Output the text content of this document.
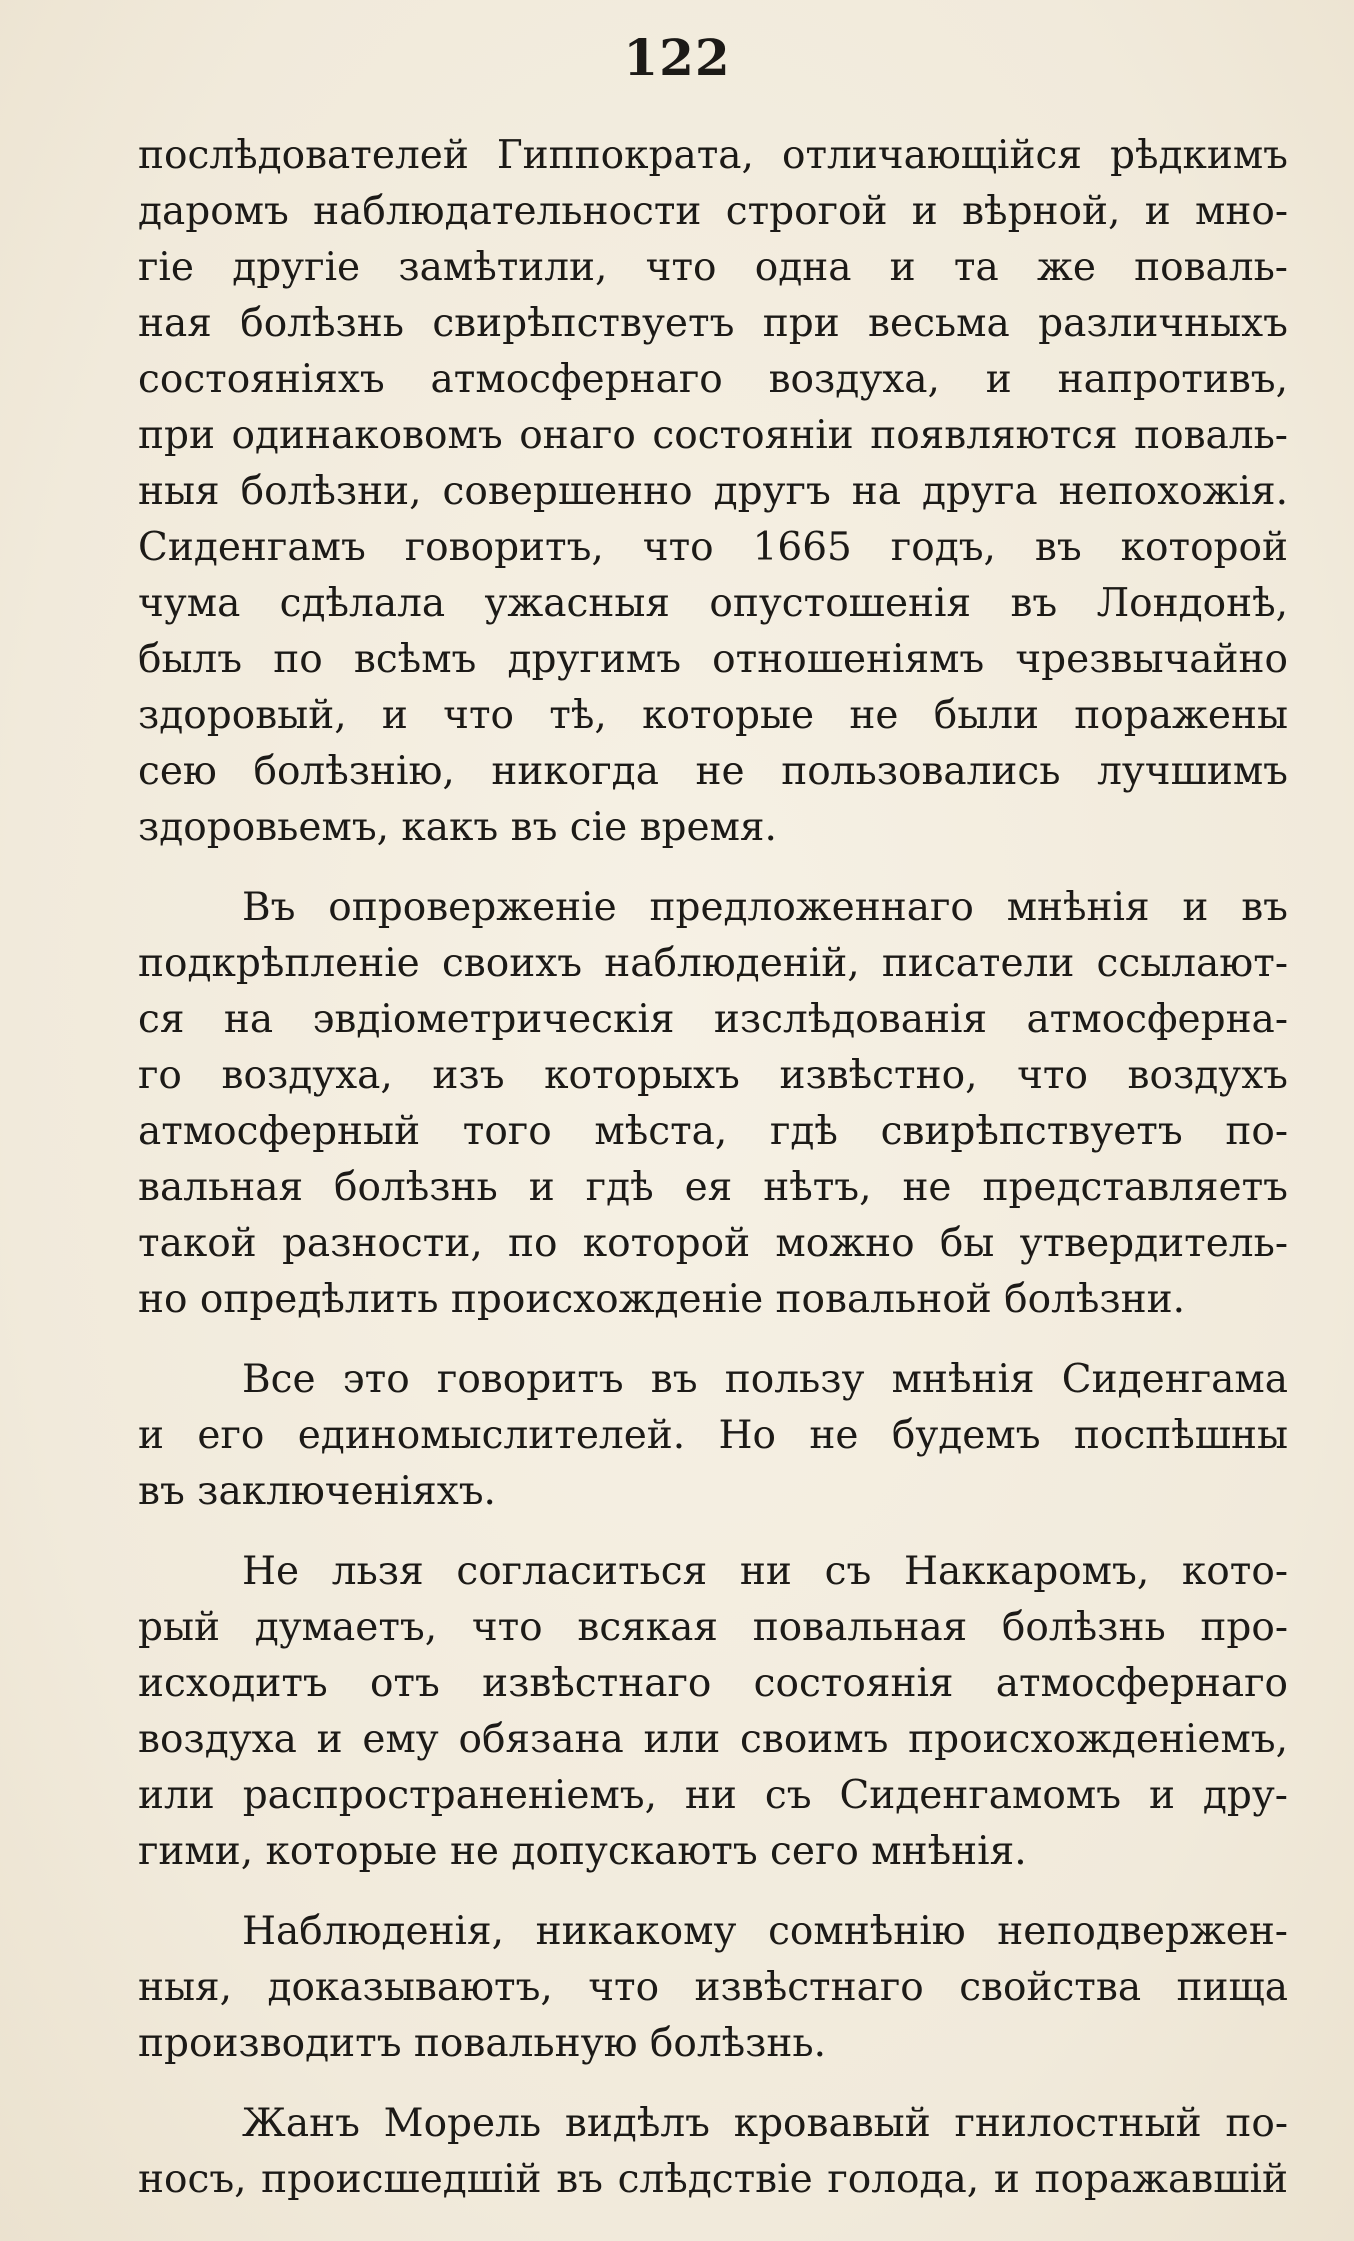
122
послѣдователей Гиппократа, отличающійся рѣдкимъ
даромъ наблюдательности строгой и вѣрной, и мно-
гіе другіе замѣтили, что одна и та же поваль-
ная болѣзнь свирѣпствуетъ при весьма различныхъ
состояніяхъ атмосфернаго воздуха, и напротивъ,
при одинаковомъ онаго состояніи появляются поваль-
ныя болѣзни, совершенно другъ на друга непохожія.
Сиденгамъ говоритъ, что 1665 годъ, въ которой
чума сдѣлала ужасныя опустошенія въ Лондонѣ,
былъ по всѣмъ другимъ отношеніямъ чрезвычайно
здоровый, и что тѣ, которые не были поражены
сею болѣзнію, никогда не пользовались лучшимъ
здоровьемъ, какъ въ сіе время.
Въ опроверженіе предложеннаго мнѣнія и въ
подкрѣпленіе своихъ наблюденій, писатели ссылают-
ся на эвдіометрическія изслѣдованія атмосферна-
го воздуха, изъ которыхъ извѣстно, что воздухъ
атмосферный того мѣста, гдѣ свирѣпствуетъ по-
вальная болѣзнь и гдѣ ея нѣтъ, не представляетъ
такой разности, по которой можно бы утвердитель-
но опредѣлить происхожденіе повальной болѣзни.
Все это говоритъ въ пользу мнѣнія Сиденгама
и его единомыслителей. Но не будемъ поспѣшны
въ заключеніяхъ.
Не льзя согласиться ни съ Наккаромъ, кото-
рый думаетъ, что всякая повальная болѣзнь про-
исходитъ отъ извѣстнаго состоянія атмосфернаго
воздуха и ему обязана или своимъ происхожденіемъ,
или распространеніемъ, ни съ Сиденгамомъ и дру-
гими, которые не допускаютъ сего мнѣнія.
Наблюденія, никакому сомнѣнію неподвержен-
ныя, доказываютъ, что извѣстнаго свойства пища
производитъ повальную болѣзнь.
Жанъ Морель видѣлъ кровавый гнилостный по-
носъ, происшедшій въ слѣдствіе голода, и поражавшій
